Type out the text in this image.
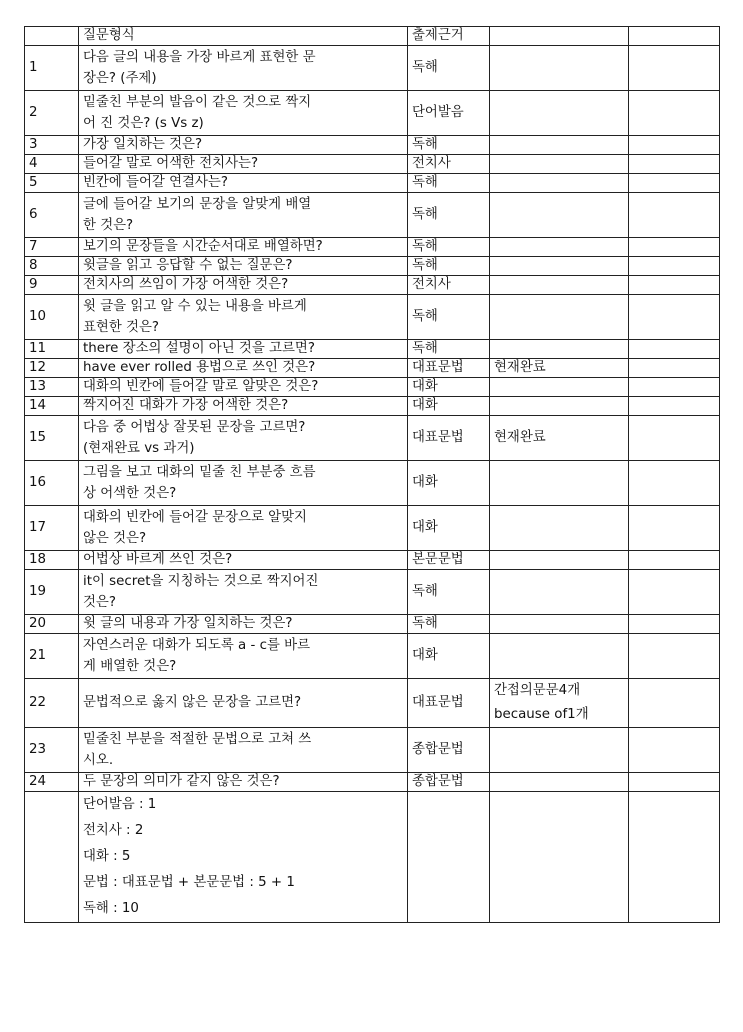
	질문형식	출제근거		
1	다음 글의 내용을 가장 바르게 표현한 문
장은? (주제)	독해		
2	밑줄친 부분의 발음이 같은 것으로 짝지
어 진 것은? (s Vs z)	단어발음		
3	가장 일치하는 것은?	독해		
4	들어갈 말로 어색한 전치사는?	전치사		
5	빈칸에 들어갈 연결사는?	독해		
6	글에 들어갈 보기의 문장을 알맞게 배열
한 것은?	독해		
7	보기의 문장들을 시간순서대로 배열하면?	독해		
8	윗글을 읽고 응답할 수 없는 질문은?	독해		
9	전치사의 쓰임이 가장 어색한 것은?	전치사		
10	윗 글을 읽고 알 수 있는 내용을 바르게
표현한 것은?	독해		
11	there 장소의 설명이 아닌 것을 고르면?	독해		
12	have ever rolled 용법으로 쓰인 것은?	대표문법	현재완료	
13	대화의 빈칸에 들어갈 말로 알맞은 것은?	대화		
14	짝지어진 대화가 가장 어색한 것은?	대화		
15	다음 중 어법상 잘못된 문장을 고르면?
(현재완료 vs 과거)	대표문법	현재완료	
16	그림을 보고 대화의 밑줄 친 부분중 흐름
상 어색한 것은?	대화		
17	대화의 빈칸에 들어갈 문장으로 알맞지
않은 것은?	대화		
18	어법상 바르게 쓰인 것은?	본문문법		
19	it이 secret을 지칭하는 것으로 짝지어진
것은?	독해		
20	윗 글의 내용과 가장 일치하는 것은?	독해		
21	자연스러운 대화가 되도록 a - c를 바르
게 배열한 것은?	대화		
22	문법적으로 옳지 않은 문장을 고르면?	대표문법	간접의문문4개
because of1개	

23	밑줄친 부분을 적절한 문법으로 고쳐 쓰
시오.	종합문법		
24	두 문장의 의미가 같지 않은 것은?	종합문법		

	단어발음 : 1
전치사 : 2
대화 : 5
문법 : 대표문법 + 본문문법 : 5 + 1
독해 : 10			
